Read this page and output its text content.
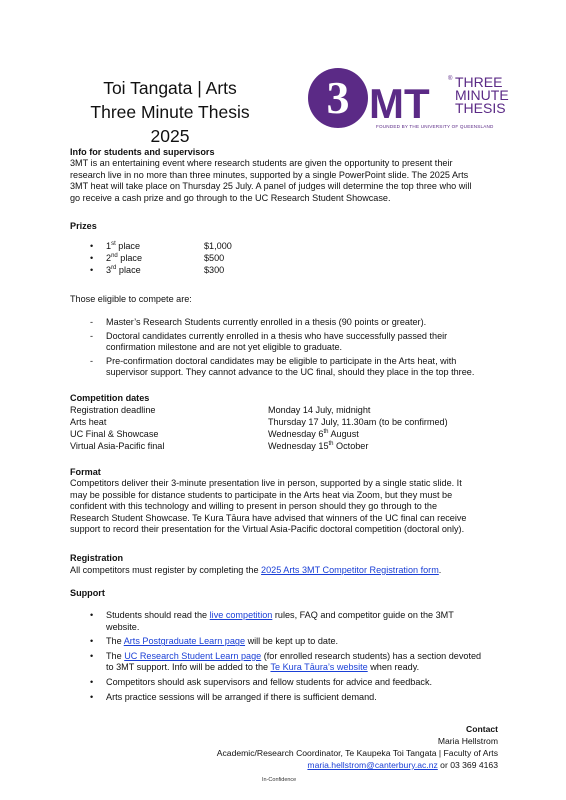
Toi Tangata | Arts
Three Minute Thesis 2025
3 MT
® THREE
MINUTE
THESIS
FOUNDED BY THE UNIVERSITY OF QUEENSLAND
Info for students and supervisors
3MT is an entertaining event where research students are given the opportunity to present their
research live in no more than three minutes, supported by a single PowerPoint slide. The 2025 Arts
3MT heat will take place on Thursday 25 July. A panel of judges will determine the top three who will
go receive a cash prize and go through to the UC Research Student Showcase.
Prizes
• 1st place	$1,000
• 2nd place	$500
• 3rd place	$300
Those eligible to compete are:
- Master’s Research Students currently enrolled in a thesis (90 points or greater).
- Doctoral candidates currently enrolled in a thesis who have successfully passed their
confirmation milestone and are not yet eligible to graduate.
- Pre-confirmation doctoral candidates may be eligible to participate in the Arts heat, with
supervisor support. They cannot advance to the UC final, should they place in the top three.
Competition dates
Registration deadline	Monday 14 July, midnight
Arts heat	Thursday 17 July, 11.30am (to be confirmed)
UC Final & Showcase	Wednesday 6th August
Virtual Asia-Pacific final	Wednesday 15th October
Format
Competitors deliver their 3-minute presentation live in person, supported by a single static slide. It
may be possible for distance students to participate in the Arts heat via Zoom, but they must be
confident with this technology and willing to present in person should they go through to the
Research Student Showcase. Te Kura Tāura have advised that winners of the UC final can receive
support to record their presentation for the Virtual Asia-Pacific doctoral competition (doctoral only).
Registration
All competitors must register by completing the 2025 Arts 3MT Competitor Registration form.
Support
• Students should read the live competition rules, FAQ and competitor guide on the 3MT
website.
• The Arts Postgraduate Learn page will be kept up to date.
• The UC Research Student Learn page (for enrolled research students) has a section devoted
to 3MT support. Info will be added to the Te Kura Tāura’s website when ready.
• Competitors should ask supervisors and fellow students for advice and feedback.
• Arts practice sessions will be arranged if there is sufficient demand.
Contact
Maria Hellstrom
Academic/Research Coordinator, Te Kaupeka Toi Tangata | Faculty of Arts
maria.hellstrom@canterbury.ac.nz or 03 369 4163
In-Confidence
